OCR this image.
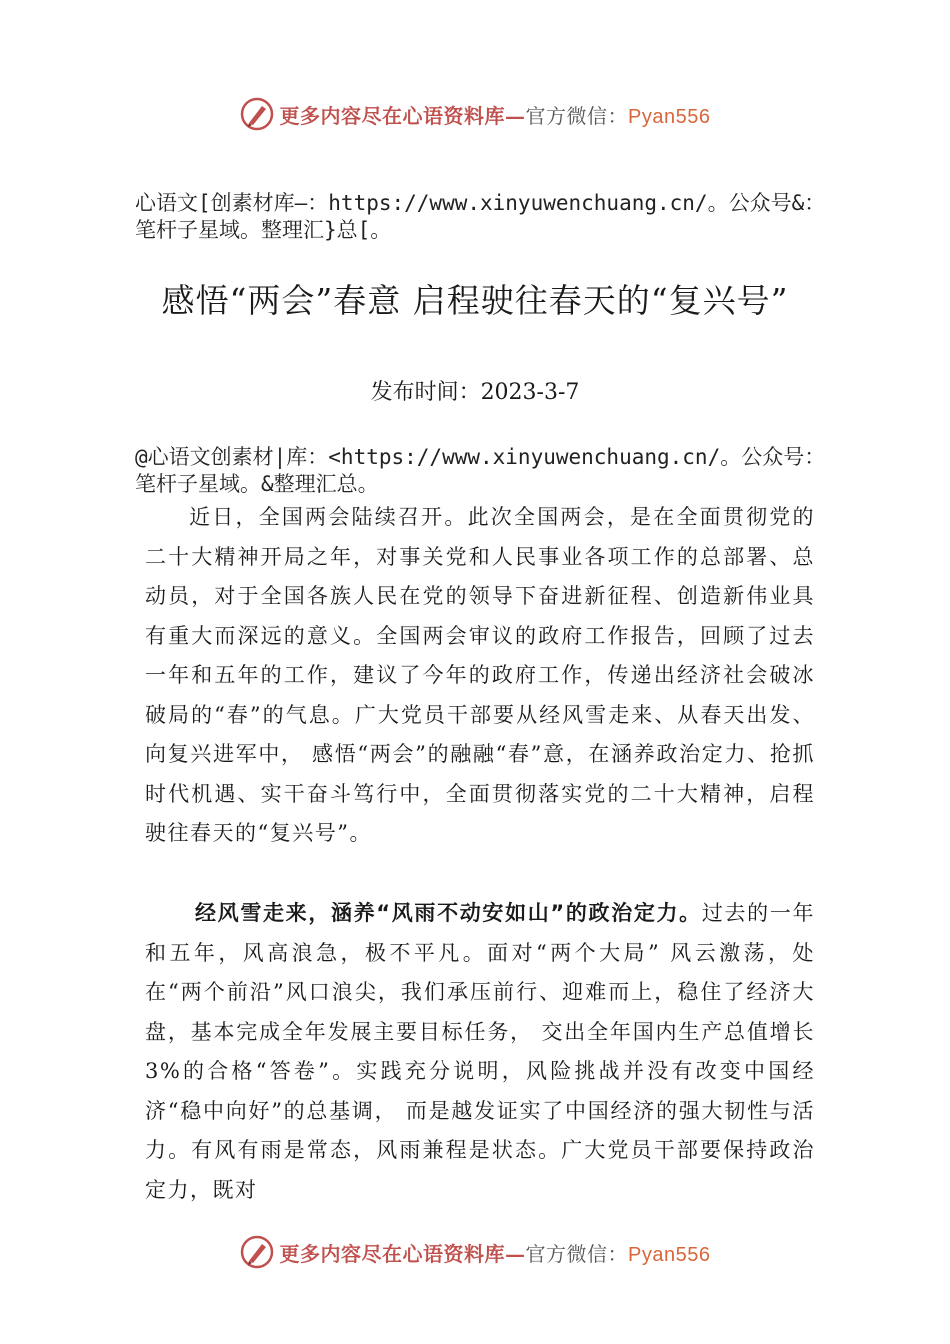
更多内容尽在心语资料库—官方微信：Pyan556
心语文[创素材库—：https://www.xinyuwenchuang.cn/。公众号&：笔杆子星域。整理汇}总[。
感悟“两会”春意 启程驶往春天的“复兴号”
发布时间：2023-3-7
@心语文创素材|库：<https://www.xinyuwenchuang.cn/。公众号：笔杆子星域。&整理汇总。

近日，全国两会陆续召开。此次全国两会，是在全面贯彻党的二十大精神开局之年，对事关党和人民事业各项工作的总部署、总动员，对于全国各族人民在党的领导下奋进新征程、创造新伟业具有重大而深远的意义。全国两会审议的政府工作报告，回顾了过去一年和五年的工作，建议了今年的政府工作，传递出经济社会破冰破局的“春”的气息。广大党员干部要从经风雪走来、从春天出发、向复兴进军中， 感悟“两会”的融融“春”意，在涵养政治定力、抢抓时代机遇、实干奋斗笃行中，全面贯彻落实党的二十大精神，启程驶往春天的“复兴号”。

经风雪走来，涵养“风雨不动安如山”的政治定力。过去的一年和五年，风高浪急，极不平凡。面对“两个大局” 风云激荡，处在“两个前沿”风口浪尖，我们承压前行、迎难而上，稳住了经济大盘，基本完成全年发展主要目标任务， 交出全年国内生产总值增长 3%的合格“答卷”。实践充分说明，风险挑战并没有改变中国经济“稳中向好”的总基调， 而是越发证实了中国经济的强大韧性与活力。有风有雨是常态，风雨兼程是状态。广大党员干部要保持政治定力，既对

更多内容尽在心语资料库—官方微信：Pyan556
